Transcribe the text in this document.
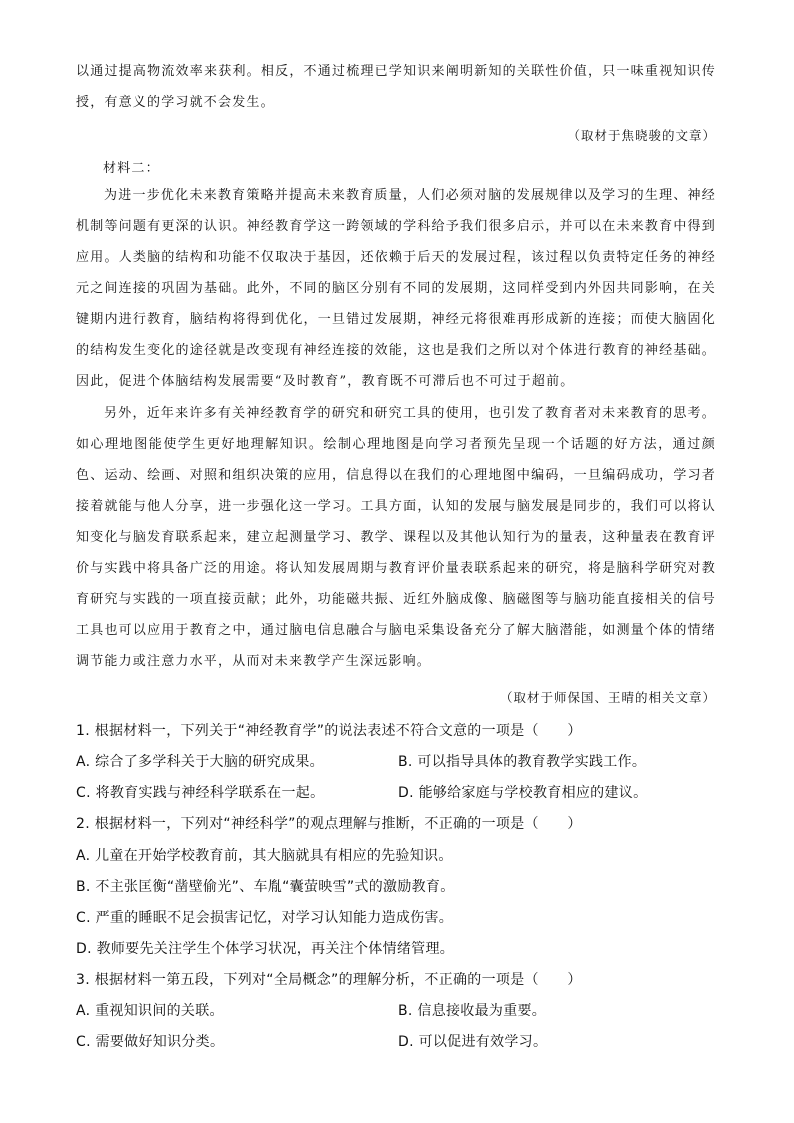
以通过提高物流效率来获利。相反，不通过梳理已学知识来阐明新知的关联性价值，只一味重视知识传授，有意义的学习就不会发生。

（取材于焦晓骏的文章）

材料二：

为进一步优化未来教育策略并提高未来教育质量，人们必须对脑的发展规律以及学习的生理、神经机制等问题有更深的认识。神经教育学这一跨领域的学科给予我们很多启示，并可以在未来教育中得到应用。人类脑的结构和功能不仅取决于基因，还依赖于后天的发展过程，该过程以负责特定任务的神经元之间连接的巩固为基础。此外，不同的脑区分别有不同的发展期，这同样受到内外因共同影响，在关键期内进行教育，脑结构将得到优化，一旦错过发展期，神经元将很难再形成新的连接；而使大脑固化的结构发生变化的途径就是改变现有神经连接的效能，这也是我们之所以对个体进行教育的神经基础。因此，促进个体脑结构发展需要“及时教育”，教育既不可滞后也不可过于超前。

另外，近年来许多有关神经教育学的研究和研究工具的使用，也引发了教育者对未来教育的思考。如心理地图能使学生更好地理解知识。绘制心理地图是向学习者预先呈现一个话题的好方法，通过颜色、运动、绘画、对照和组织决策的应用，信息得以在我们的心理地图中编码，一旦编码成功，学习者接着就能与他人分享，进一步强化这一学习。工具方面，认知的发展与脑发展是同步的，我们可以将认知变化与脑发育联系起来，建立起测量学习、教学、课程以及其他认知行为的量表，这种量表在教育评价与实践中将具备广泛的用途。将认知发展周期与教育评价量表联系起来的研究，将是脑科学研究对教育研究与实践的一项直接贡献；此外，功能磁共振、近红外脑成像、脑磁图等与脑功能直接相关的信号工具也可以应用于教育之中，通过脑电信息融合与脑电采集设备充分了解大脑潜能，如测量个体的情绪调节能力或注意力水平，从而对未来教学产生深远影响。

（取材于师保国、王晴的相关文章）

1. 根据材料一，下列关于“神经教育学”的说法表述不符合文意的一项是（　　）

A. 综合了多学科关于大脑的研究成果。	B. 可以指导具体的教育教学实践工作。

C. 将教育实践与神经科学联系在一起。	D. 能够给家庭与学校教育相应的建议。

2. 根据材料一，下列对“神经科学”的观点理解与推断，不正确的一项是（　　）

A. 儿童在开始学校教育前，其大脑就具有相应的先验知识。

B. 不主张匡衡“凿壁偷光”、车胤“囊萤映雪”式的激励教育。

C. 严重的睡眠不足会损害记忆，对学习认知能力造成伤害。

D. 教师要先关注学生个体学习状况，再关注个体情绪管理。

3. 根据材料一第五段，下列对“全局概念”的理解分析，不正确的一项是（　　）

A. 重视知识间的关联。	B. 信息接收最为重要。

C. 需要做好知识分类。	D. 可以促进有效学习。
